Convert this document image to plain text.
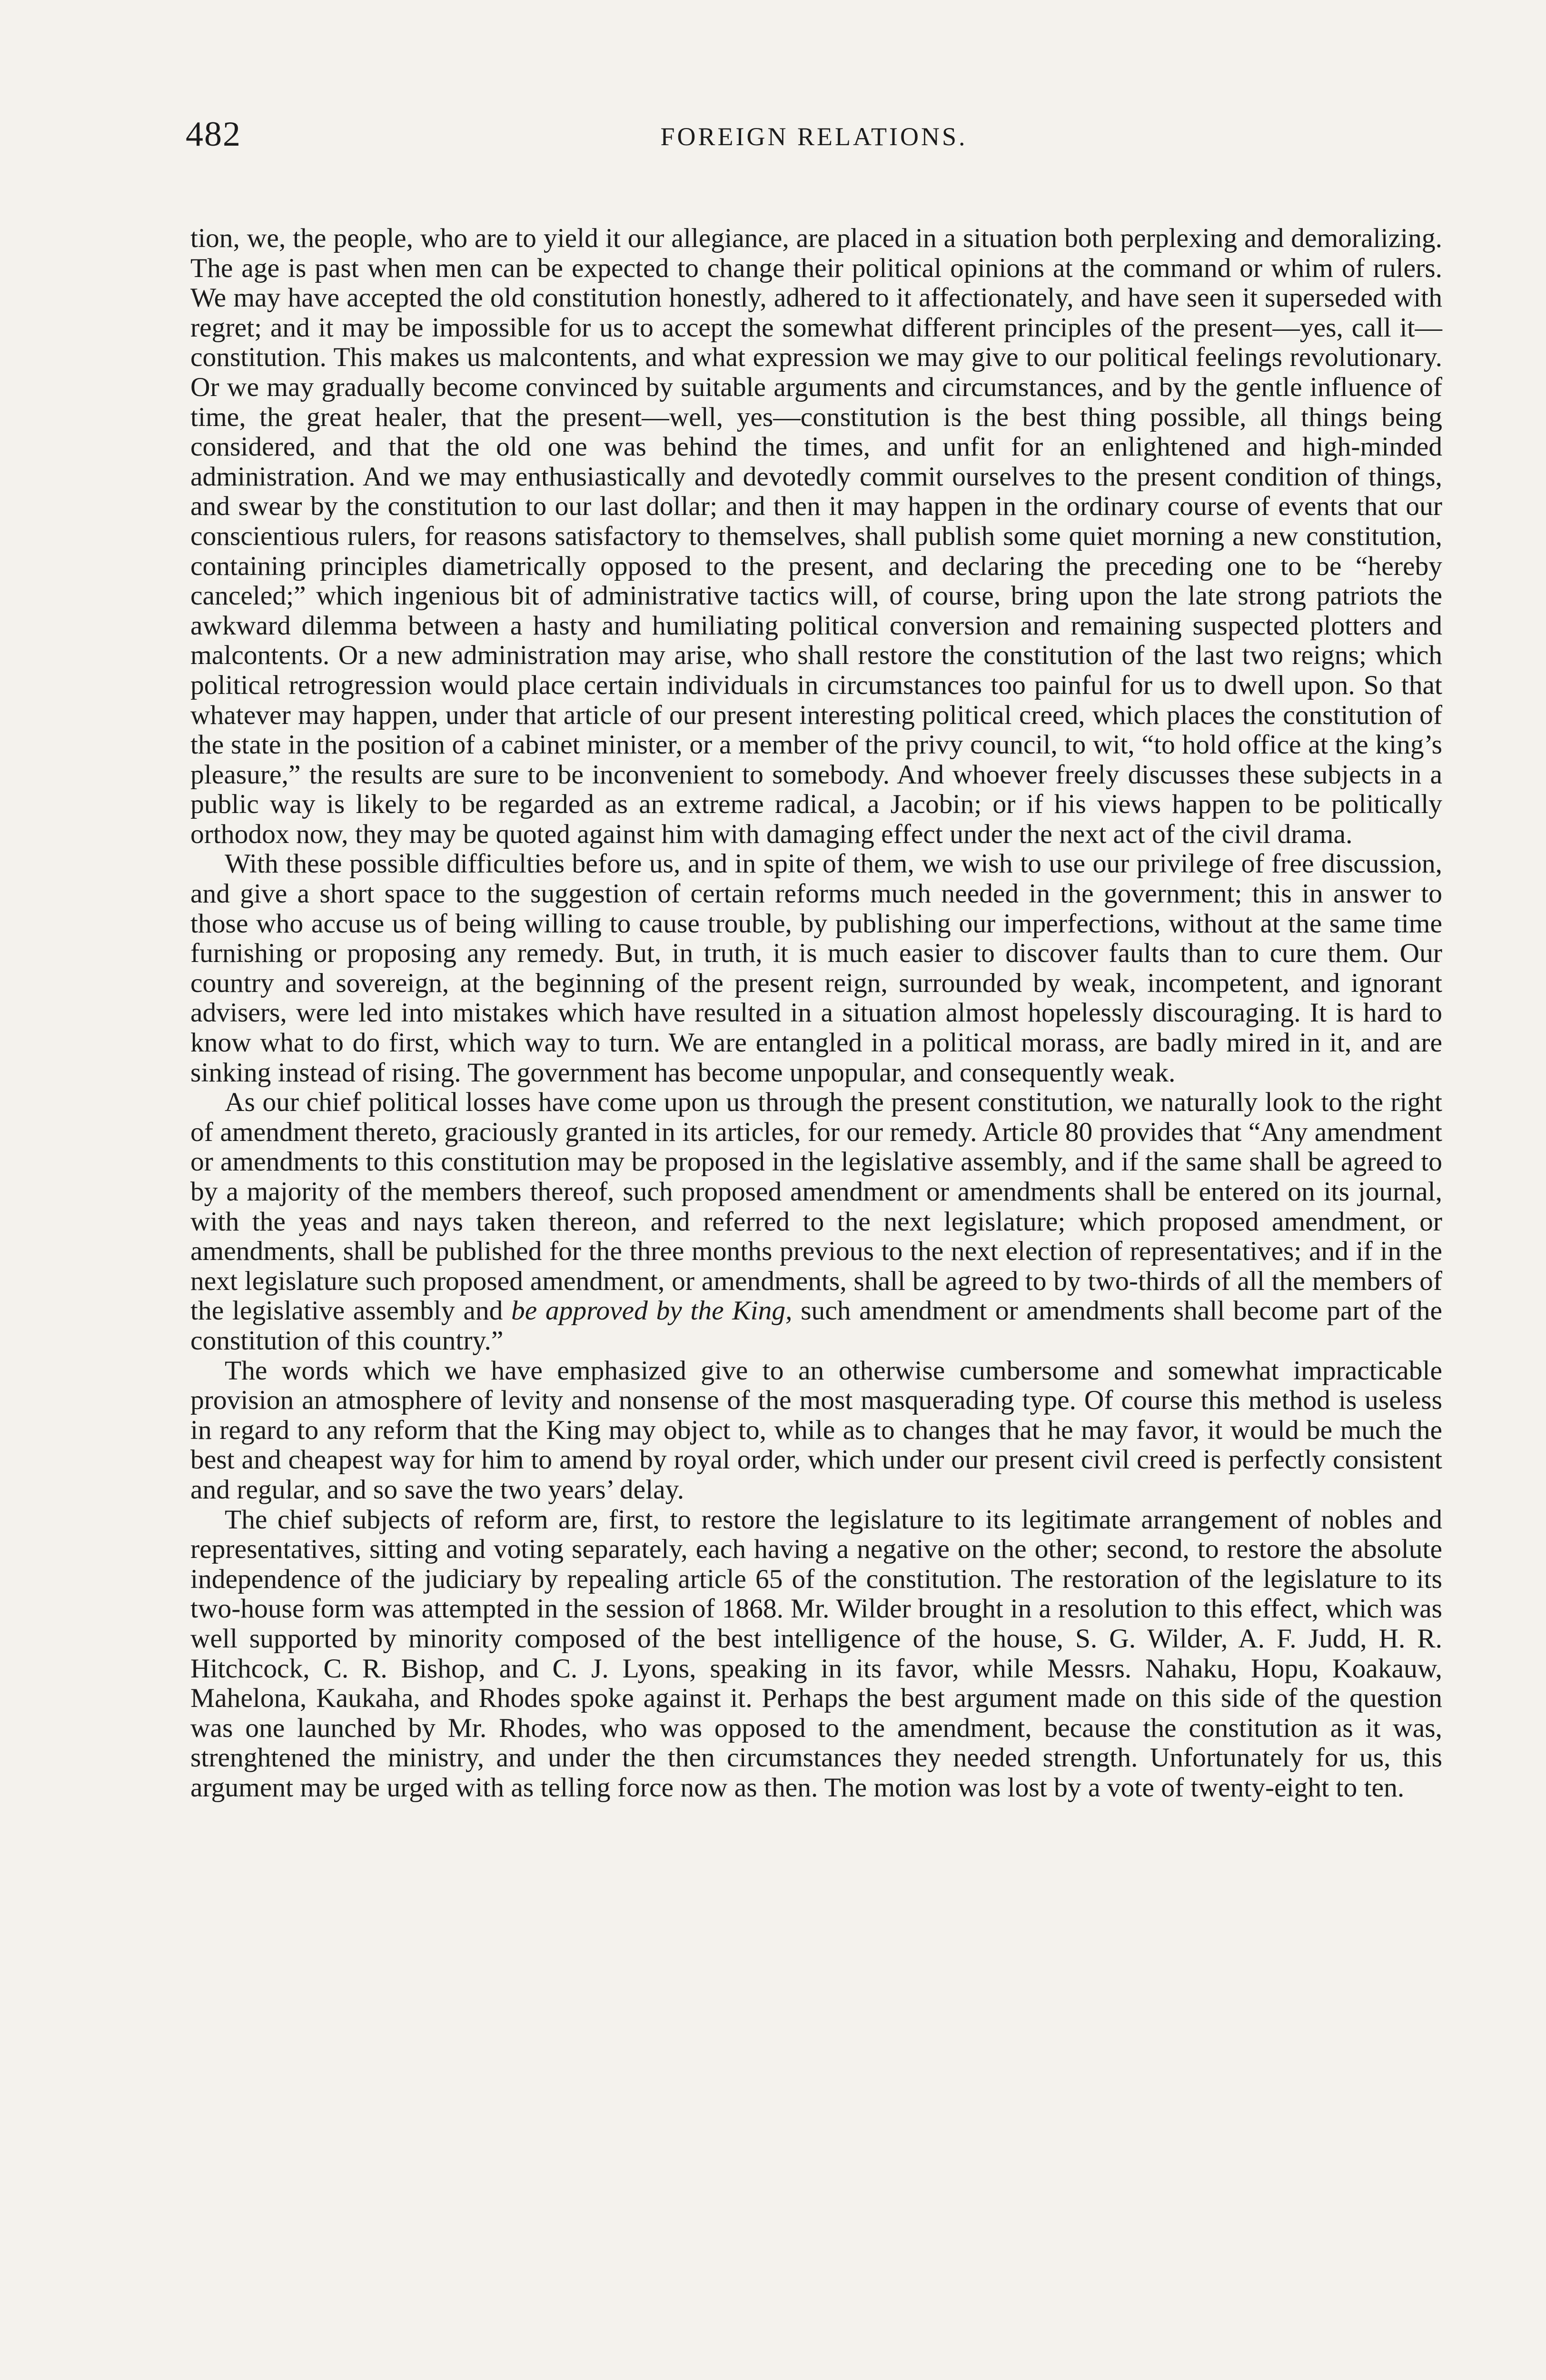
482	FOREIGN RELATIONS.

tion, we, the people, who are to yield it our allegiance, are placed in a situation both perplexing and demoralizing. The age is past when men can be expected to change their political opinions at the command or whim of rulers. We may have accepted the old constitution honestly, adhered to it affectionately, and have seen it superseded with regret; and it may be impossible for us to accept the somewhat different principles of the present—yes, call it—constitution. This makes us malcontents, and what expression we may give to our political feelings revolutionary. Or we may gradually become convinced by suitable arguments and circumstances, and by the gentle influence of time, the great healer, that the present—well, yes—constitution is the best thing possible, all things being considered, and that the old one was behind the times, and unfit for an enlightened and high-minded administration. And we may enthusiastically and devotedly commit ourselves to the present condition of things, and swear by the constitution to our last dollar; and then it may happen in the ordinary course of events that our conscientious rulers, for reasons satisfactory to themselves, shall publish some quiet morning a new constitution, containing principles diametrically opposed to the present, and declaring the preceding one to be “hereby canceled;” which ingenious bit of administrative tactics will, of course, bring upon the late strong patriots the awkward dilemma between a hasty and humiliating political conversion and remaining suspected plotters and malcontents. Or a new administration may arise, who shall restore the constitution of the last two reigns; which political retrogression would place certain individuals in circumstances too painful for us to dwell upon. So that whatever may happen, under that article of our present interesting political creed, which places the constitution of the state in the position of a cabinet minister, or a member of the privy council, to wit, “to hold office at the king’s pleasure,” the results are sure to be inconvenient to somebody. And whoever freely discusses these subjects in a public way is likely to be regarded as an extreme radical, a Jacobin; or if his views happen to be politically orthodox now, they may be quoted against him with damaging effect under the next act of the civil drama.

With these possible difficulties before us, and in spite of them, we wish to use our privilege of free discussion, and give a short space to the suggestion of certain reforms much needed in the government; this in answer to those who accuse us of being willing to cause trouble, by publishing our imperfections, without at the same time furnishing or proposing any remedy. But, in truth, it is much easier to discover faults than to cure them. Our country and sovereign, at the beginning of the present reign, surrounded by weak, incompetent, and ignorant advisers, were led into mistakes which have resulted in a situation almost hopelessly discouraging. It is hard to know what to do first, which way to turn. We are entangled in a political morass, are badly mired in it, and are sinking instead of rising. The government has become unpopular, and consequently weak.

As our chief political losses have come upon us through the present constitution, we naturally look to the right of amendment thereto, graciously granted in its articles, for our remedy. Article 80 provides that “Any amendment or amendments to this constitution may be proposed in the legislative assembly, and if the same shall be agreed to by a majority of the members thereof, such proposed amendment or amendments shall be entered on its journal, with the yeas and nays taken thereon, and referred to the next legislature; which proposed amendment, or amendments, shall be published for the three months previous to the next election of representatives; and if in the next legislature such proposed amendment, or amendments, shall be agreed to by two-thirds of all the members of the legislative assembly and be approved by the King, such amendment or amendments shall become part of the constitution of this country.”

The words which we have emphasized give to an otherwise cumbersome and somewhat impracticable provision an atmosphere of levity and nonsense of the most masquerading type. Of course this method is useless in regard to any reform that the King may object to, while as to changes that he may favor, it would be much the best and cheapest way for him to amend by royal order, which under our present civil creed is perfectly consistent and regular, and so save the two years’ delay.

The chief subjects of reform are, first, to restore the legislature to its legitimate arrangement of nobles and representatives, sitting and voting separately, each having a negative on the other; second, to restore the absolute independence of the judiciary by repealing article 65 of the constitution. The restoration of the legislature to its two-house form was attempted in the session of 1868. Mr. Wilder brought in a resolution to this effect, which was well supported by minority composed of the best intelligence of the house, S. G. Wilder, A. F. Judd, H. R. Hitchcock, C. R. Bishop, and C. J. Lyons, speaking in its favor, while Messrs. Nahaku, Hopu, Koakauw, Mahelona, Kaukaha, and Rhodes spoke against it. Perhaps the best argument made on this side of the question was one launched by Mr. Rhodes, who was opposed to the amendment, because the constitution as it was, strenghtened the ministry, and under the then circumstances they needed strength. Unfortunately for us, this argument may be urged with as telling force now as then. The motion was lost by a vote of twenty-eight to ten.
